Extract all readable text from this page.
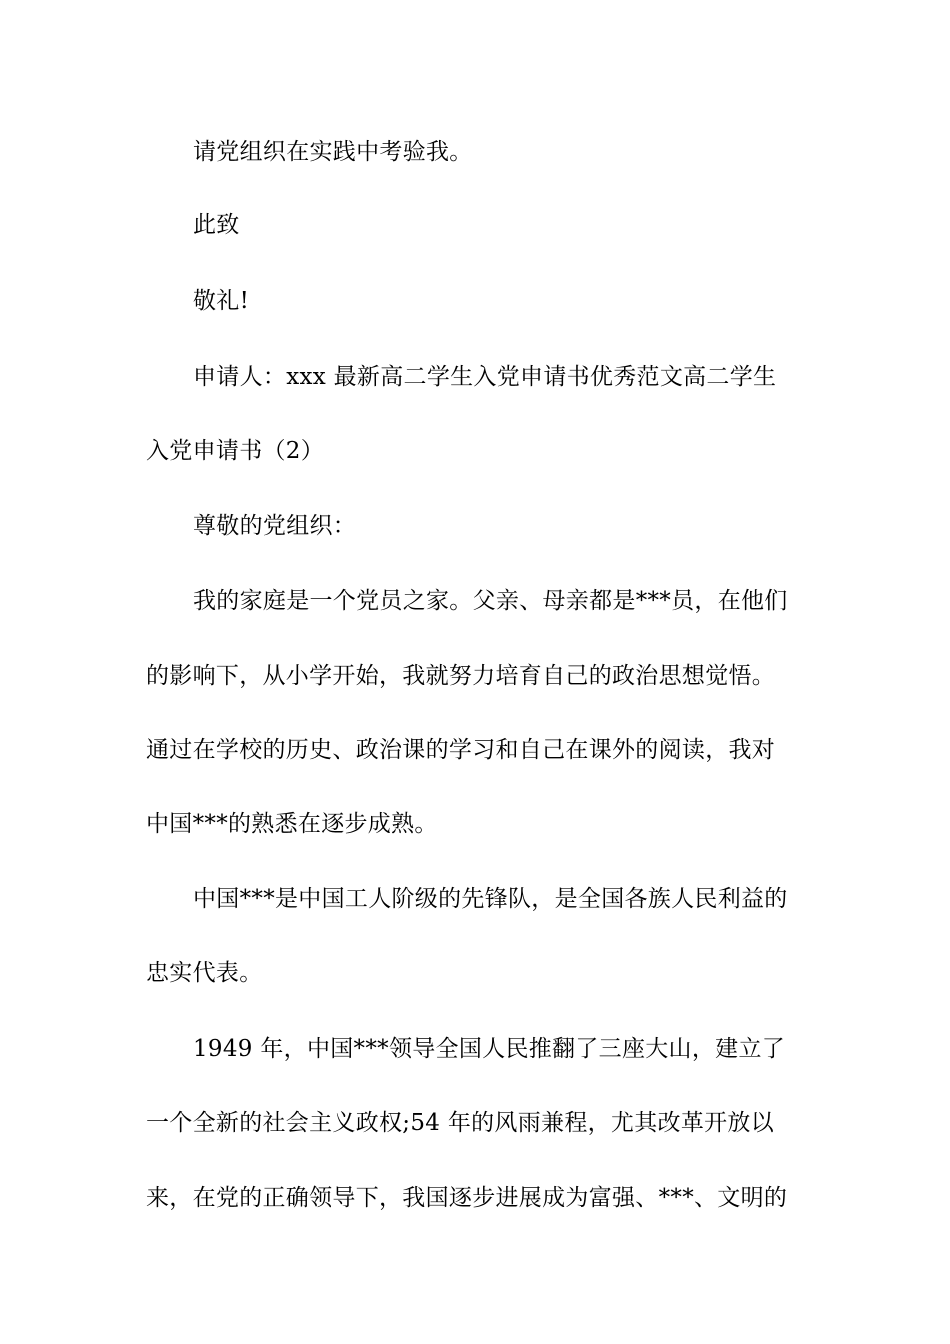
请党组织在实践中考验我。

此致

敬礼!

申请人：xxx 最新高二学生入党申请书优秀范文高二学生

入党申请书（2）

尊敬的党组织：

我的家庭是一个党员之家。父亲、母亲都是***员，在他们

的影响下，从小学开始，我就努力培育自己的政治思想觉悟。

通过在学校的历史、政治课的学习和自己在课外的阅读，我对

中国***的熟悉在逐步成熟。

中国***是中国工人阶级的先锋队，是全国各族人民利益的

忠实代表。

1949 年，中国***领导全国人民推翻了三座大山，建立了

一个全新的社会主义政权;54 年的风雨兼程，尤其改革开放以

来，在党的正确领导下，我国逐步进展成为富强、***、文明的
